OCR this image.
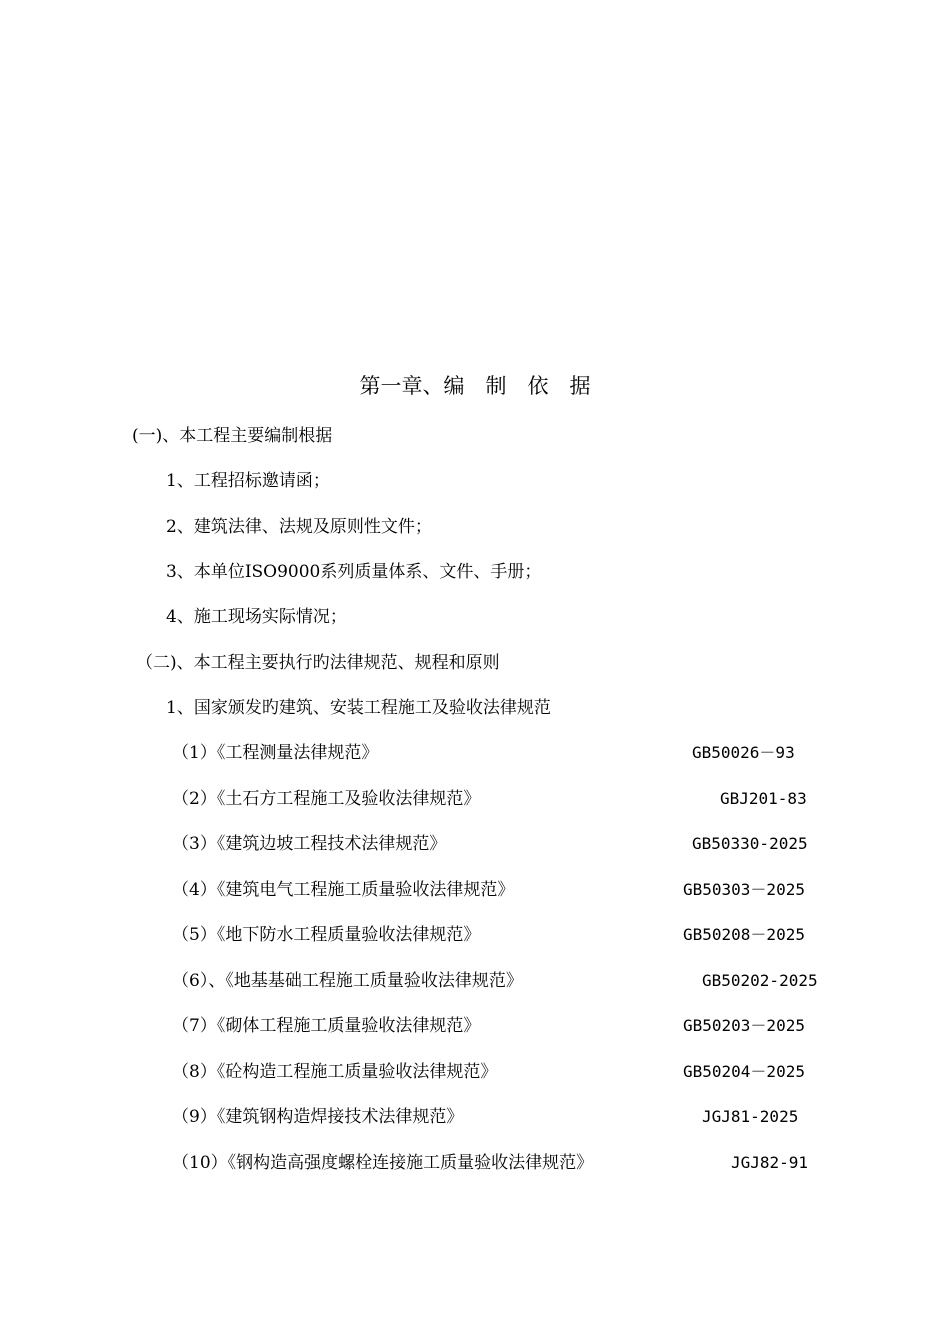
第一章、编　制　依　据
(一)、本工程主要编制根据
1、工程招标邀请函；
2、建筑法律、法规及原则性文件；
3、本单位ISO9000系列质量体系、文件、手册；
4、施工现场实际情况；
（二)、本工程主要执行旳法律规范、规程和原则
1、国家颁发旳建筑、安装工程施工及验收法律规范
（1）《工程测量法律规范》	GB50026－93
（2）《土石方工程施工及验收法律规范》	GBJ201-83
（3）《建筑边坡工程技术法律规范》	GB50330-2025
（4）《建筑电气工程施工质量验收法律规范》	GB50303－2025
（5）《地下防水工程质量验收法律规范》	GB50208－2025
（6）、《地基基础工程施工质量验收法律规范》	GB50202-2025
（7）《砌体工程施工质量验收法律规范》	GB50203－2025
（8）《砼构造工程施工质量验收法律规范》	GB50204－2025
（9）《建筑钢构造焊接技术法律规范》	JGJ81-2025
（10）《钢构造高强度螺栓连接施工质量验收法律规范》	JGJ82-91
